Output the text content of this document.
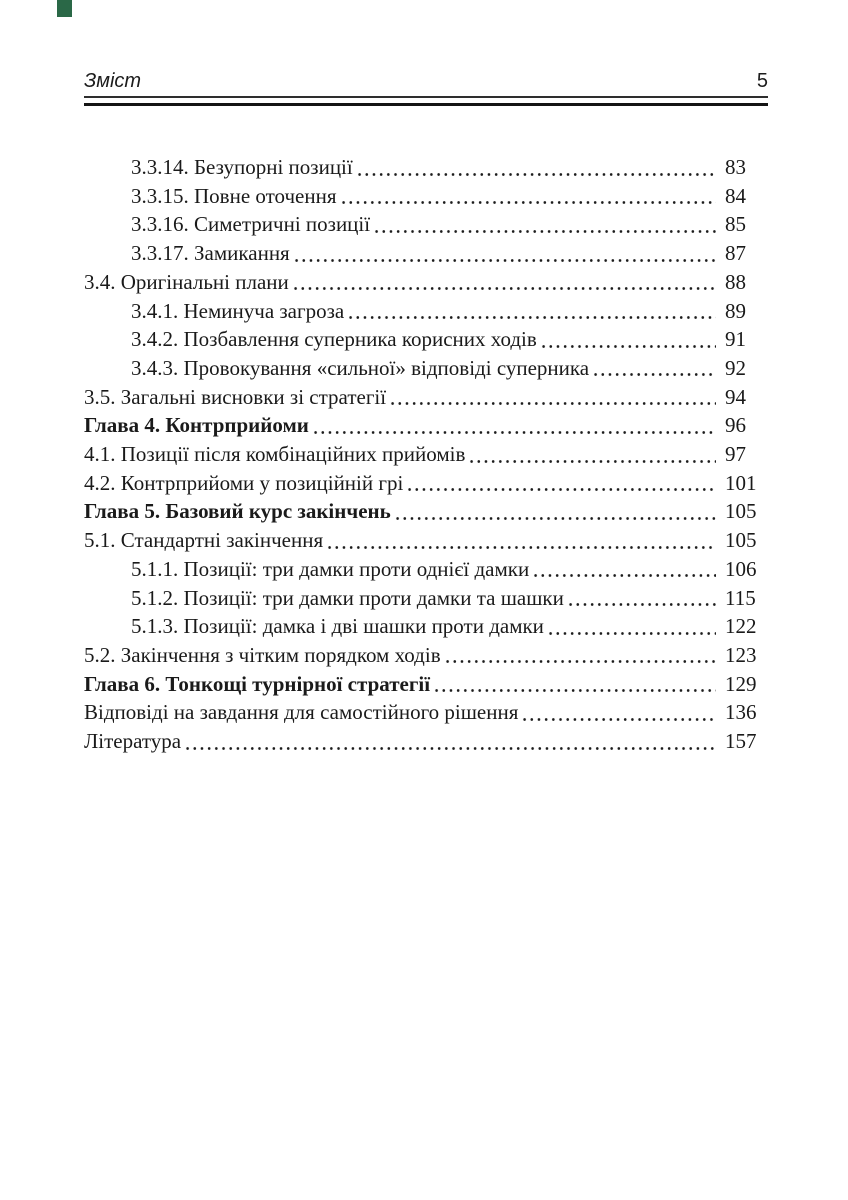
Зміст	5
3.3.14. Безупорні позиції	83
3.3.15. Повне оточення	84
3.3.16. Симетричні позиції	85
3.3.17. Замикання	87
3.4. Оригінальні плани	88
3.4.1. Неминуча загроза	89
3.4.2. Позбавлення суперника корисних ходів	91
3.4.3. Провокування «сильної» відповіді суперника	92
3.5. Загальні висновки зі стратегії	94
Глава 4. Контрприйоми	96
4.1. Позиції після комбінаційних прийомів	97
4.2. Контрприйоми у позиційній грі	101
Глава 5. Базовий курс закінчень	105
5.1. Стандартні закінчення	105
5.1.1. Позиції: три дамки проти однієї дамки	106
5.1.2. Позиції: три дамки проти дамки та шашки	115
5.1.3. Позиції: дамка і дві шашки проти дамки	122
5.2. Закінчення з чітким порядком ходів	123
Глава 6. Тонкощі турнірної стратегії	129
Відповіді на завдання для самостійного рішення	136
Література	157
